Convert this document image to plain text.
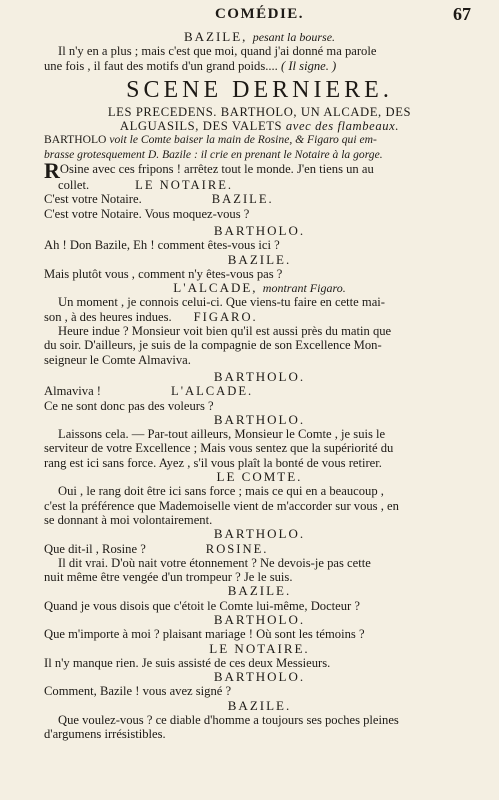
COMÉDIE.	67
BAZILE, pesant la bourse.
Il n'y en a plus ; mais c'est que moi, quand j'ai donné ma parole
une fois , il faut des motifs d'un grand poids.... ( Il signe. )
SCENE DERNIERE.
LES PRECEDENS. BARTHOLO, UN ALCADE, DES
ALGUASILS, DES VALETS avec des flambeaux.
BARTHOLO voit le Comte baiser la main de Rosine, & Figaro qui em-
brasse grotesquement D. Bazile : il crie en prenant le Notaire à la gorge.
ROsine avec ces fripons ! arrêtez tout le monde. J'en tiens un au
collet.	LE NOTAIRE.
C'est votre Notaire.	BAZILE.
C'est votre Notaire. Vous moquez-vous ?
BARTHOLO.
Ah ! Don Bazile, Eh ! comment êtes-vous ici ?
BAZILE.
Mais plutôt vous , comment n'y êtes-vous pas ?
L'ALCADE, montrant Figaro.
Un moment , je connois celui-ci. Que viens-tu faire en cette mai-
son , à des heures indues. FIGARO.
Heure indue ? Monsieur voit bien qu'il est aussi près du matin que
du soir. D'ailleurs, je suis de la compagnie de son Excellence Mon-
seigneur le Comte Almaviva.
BARTHOLO.
Almaviva !	L'ALCADE.
Ce ne sont donc pas des voleurs ?
BARTHOLO.
Laissons cela. — Par-tout ailleurs, Monsieur le Comte , je suis le
serviteur de votre Excellence ; Mais vous sentez que la supériorité du
rang est ici sans force. Ayez , s'il vous plaît la bonté de vous retirer.
LE COMTE.
Oui , le rang doit être ici sans force ; mais ce qui en a beaucoup ,
c'est la préférence que Mademoiselle vient de m'accorder sur vous , en
se donnant à moi volontairement.
BARTHOLO.
Que dit-il , Rosine ?	ROSINE.
Il dit vrai. D'où nait votre étonnement ? Ne devois-je pas cette
nuit même être vengée d'un trompeur ? Je le suis.
BAZILE.
Quand je vous disois que c'étoit le Comte lui-même, Docteur ?
BARTHOLO.
Que m'importe à moi ? plaisant mariage ! Où sont les témoins ?
LE NOTAIRE.
Il n'y manque rien. Je suis assisté de ces deux Messieurs.
BARTHOLO.
Comment, Bazile ! vous avez signé ?
BAZILE.
Que voulez-vous ? ce diable d'homme a toujours ses poches pleines
d'argumens irrésistibles.
